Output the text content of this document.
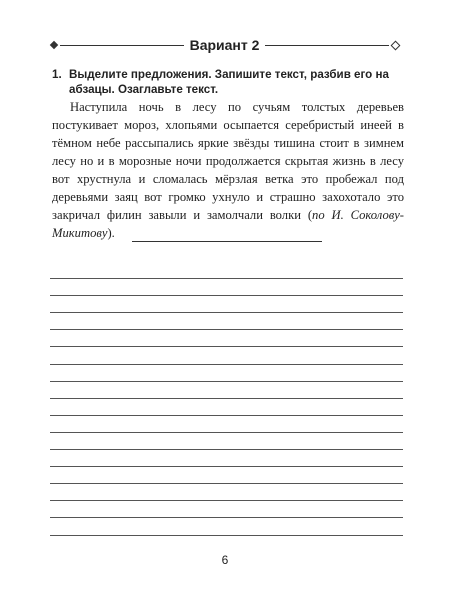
Вариант 2
1. Выделите предложения. Запишите текст, разбив его на абзацы. Озаглавьте текст.
Наступила ночь в лесу по сучьям толстых деревьев постукивает мороз, хлопьями осыпается серебристый инеей в тёмном небе рассыпались яркие звёзды тишина стоит в зимнем лесу но и в морозные ночи продолжается скрытая жизнь в лесу вот хрустнула и сломалась мёрзлая ветка это пробежал под деревьями заяц вот громко ухнуло и страшно захохотало это закричал филин завыли и замолчали волки (по И. Соколову-Микитову).
6
